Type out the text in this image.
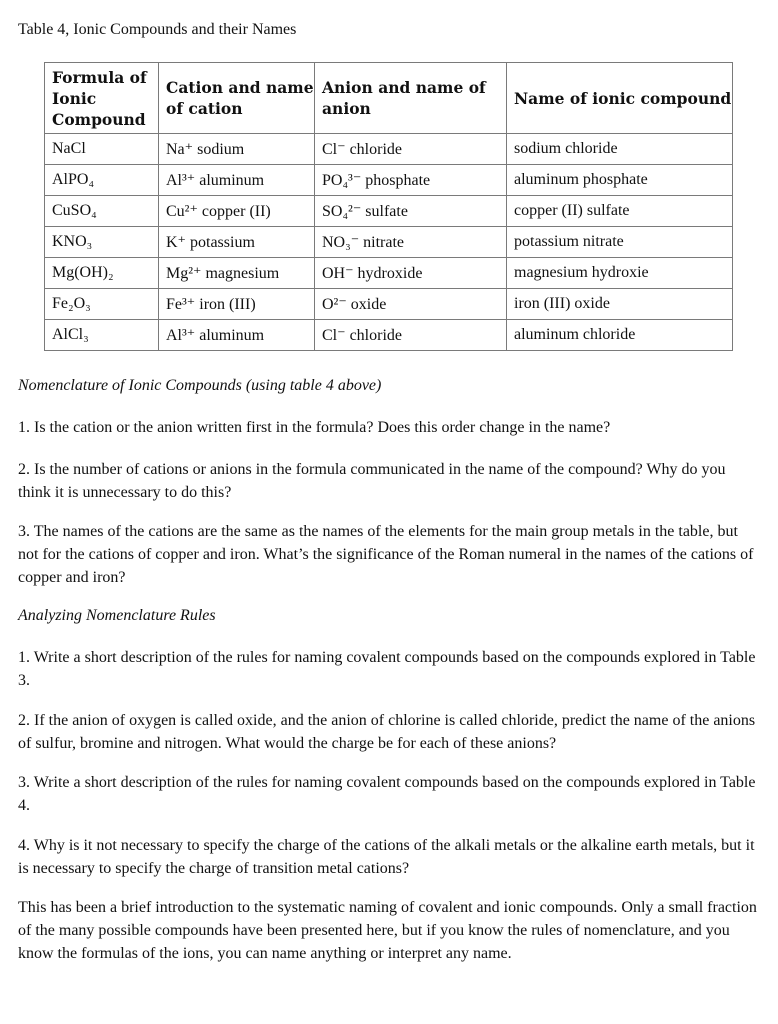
Table 4, Ionic Compounds and their Names
Formula of Ionic Compound	Cation and name of cation	Anion and name of anion	Name of ionic compound
NaCl	Na⁺ sodium	Cl⁻ chloride	sodium chloride
AlPO₄	Al³⁺ aluminum	PO₄³⁻ phosphate	aluminum phosphate
CuSO₄	Cu²⁺ copper (II)	SO₄²⁻ sulfate	copper (II) sulfate
KNO₃	K⁺ potassium	NO₃⁻ nitrate	potassium nitrate
Mg(OH)₂	Mg²⁺ magnesium	OH⁻ hydroxide	magnesium hydroxie
Fe₂O₃	Fe³⁺ iron (III)	O²⁻ oxide	iron (III) oxide
AlCl₃	Al³⁺ aluminum	Cl⁻ chloride	aluminum chloride
Nomenclature of Ionic Compounds (using table 4 above)
1. Is the cation or the anion written first in the formula? Does this order change in the name?
2. Is the number of cations or anions in the formula communicated in the name of the compound? Why do you think it is unnecessary to do this?
3. The names of the cations are the same as the names of the elements for the main group metals in the table, but not for the cations of copper and iron. What’s the significance of the Roman numeral in the names of the cations of copper and iron?
Analyzing Nomenclature Rules
1. Write a short description of the rules for naming covalent compounds based on the compounds explored in Table 3.
2. If the anion of oxygen is called oxide, and the anion of chlorine is called chloride, predict the name of the anions of sulfur, bromine and nitrogen. What would the charge be for each of these anions?
3. Write a short description of the rules for naming covalent compounds based on the compounds explored in Table 4.
4. Why is it not necessary to specify the charge of the cations of the alkali metals or the alkaline earth metals, but it is necessary to specify the charge of transition metal cations?
This has been a brief introduction to the systematic naming of covalent and ionic compounds. Only a small fraction of the many possible compounds have been presented here, but if you know the rules of nomenclature, and you know the formulas of the ions, you can name anything or interpret any name.
